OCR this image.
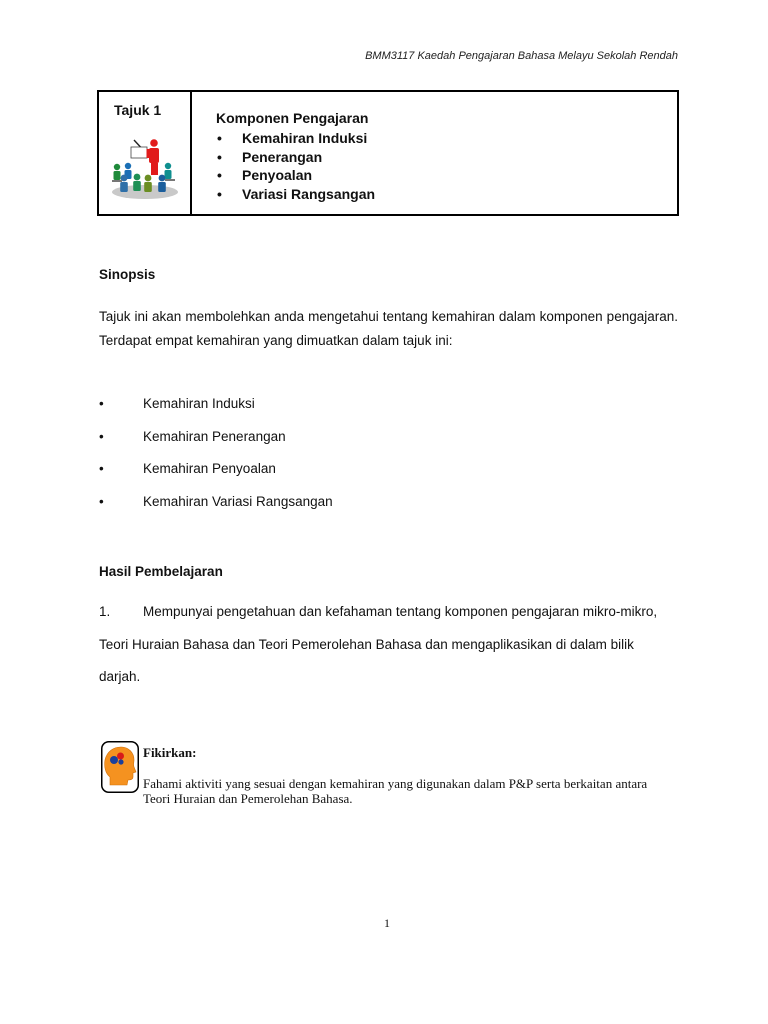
BMM3117 Kaedah Pengajaran Bahasa Melayu Sekolah Rendah
Tajuk 1	Komponen Pengajaran
• Kemahiran Induksi
• Penerangan
• Penyoalan
• Variasi Rangsangan
Sinopsis

Tajuk ini akan membolehkan anda mengetahui tentang kemahiran dalam komponen pengajaran. Terdapat empat kemahiran yang dimuatkan dalam tajuk ini:

• Kemahiran Induksi
• Kemahiran Penerangan
• Kemahiran Penyoalan
• Kemahiran Variasi Rangsangan
Hasil Pembelajaran

1. Mempunyai pengetahuan dan kefahaman tentang komponen pengajaran mikro-mikro, Teori Huraian Bahasa dan Teori Pemerolehan Bahasa dan mengaplikasikan di dalam bilik darjah.

Fikirkan:
Fahami aktiviti yang sesuai dengan kemahiran yang digunakan dalam P&P serta berkaitan antara Teori Huraian dan Pemerolehan Bahasa.
1
